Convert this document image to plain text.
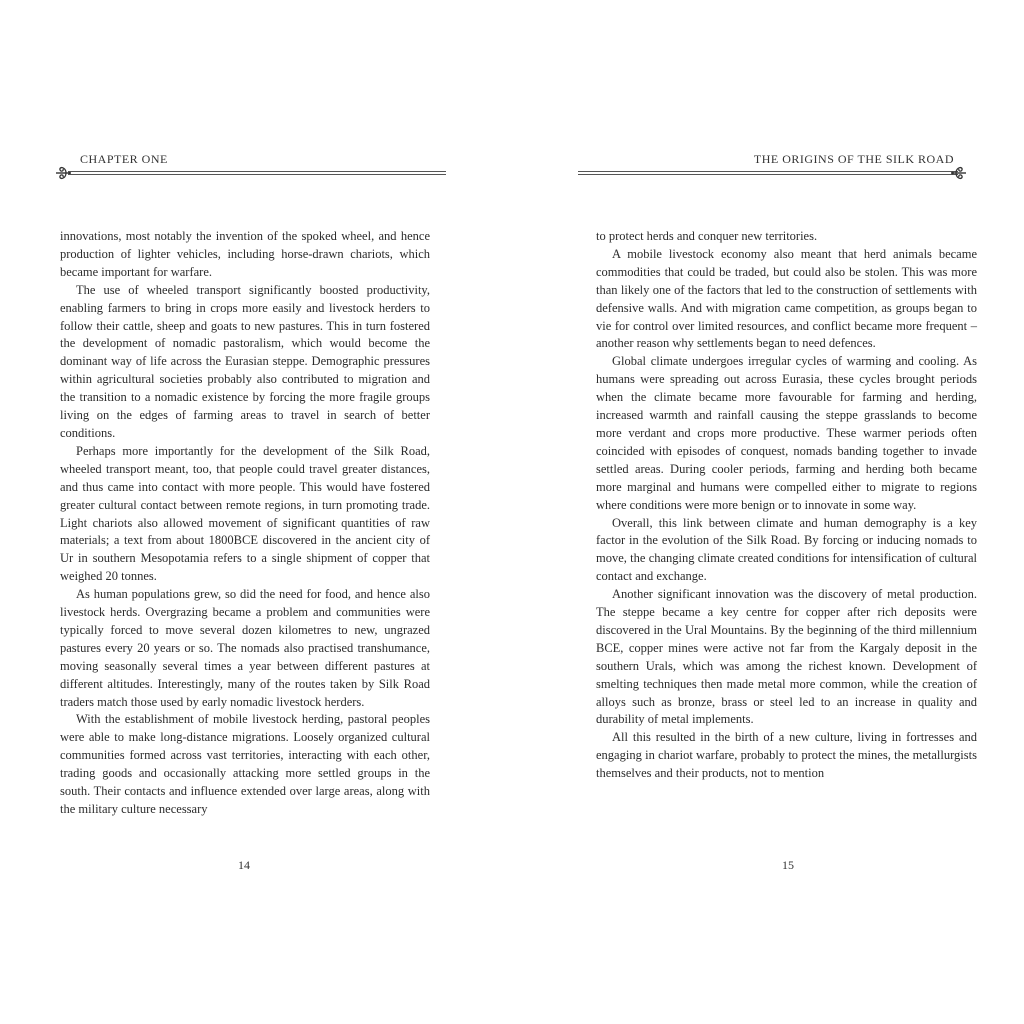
CHAPTER ONE

innovations, most notably the invention of the spoked wheel, and hence production of lighter vehicles, including horse-drawn chariots, which became important for warfare.

The use of wheeled transport significantly boosted productivity, enabling farmers to bring in crops more easily and livestock herders to follow their cattle, sheep and goats to new pastures. This in turn fostered the development of nomadic pastoralism, which would become the dominant way of life across the Eurasian steppe. Demographic pressures within agricultural societies probably also contributed to migration and the transition to a nomadic existence by forcing the more fragile groups living on the edges of farming areas to travel in search of better conditions.

Perhaps more importantly for the development of the Silk Road, wheeled transport meant, too, that people could travel greater distances, and thus came into contact with more people. This would have fostered greater cultural contact between remote regions, in turn promoting trade. Light chariots also allowed movement of significant quantities of raw materials; a text from about 1800BCE discovered in the ancient city of Ur in southern Mesopotamia refers to a single shipment of copper that weighed 20 tonnes.

As human populations grew, so did the need for food, and hence also livestock herds. Overgrazing became a problem and communities were typically forced to move several dozen kilometres to new, ungrazed pastures every 20 years or so. The nomads also practised transhumance, moving seasonally several times a year between different pastures at different altitudes. Interestingly, many of the routes taken by Silk Road traders match those used by early nomadic livestock herders.

With the establishment of mobile livestock herding, pastoral peoples were able to make long-distance migrations. Loosely organized cultural communities formed across vast territories, interacting with each other, trading goods and occasionally attacking more settled groups in the south. Their contacts and influence extended over large areas, along with the military culture necessary

14
THE ORIGINS OF THE SILK ROAD

to protect herds and conquer new territories.

A mobile livestock economy also meant that herd animals became commodities that could be traded, but could also be stolen. This was more than likely one of the factors that led to the construction of settlements with defensive walls. And with migration came competition, as groups began to vie for control over limited resources, and conflict became more frequent – another reason why settlements began to need defences.

Global climate undergoes irregular cycles of warming and cooling. As humans were spreading out across Eurasia, these cycles brought periods when the climate became more favourable for farming and herding, increased warmth and rainfall causing the steppe grasslands to become more verdant and crops more productive. These warmer periods often coincided with episodes of conquest, nomads banding together to invade settled areas. During cooler periods, farming and herding both became more marginal and humans were compelled either to migrate to regions where conditions were more benign or to innovate in some way.

Overall, this link between climate and human demography is a key factor in the evolution of the Silk Road. By forcing or inducing nomads to move, the changing climate created conditions for intensification of cultural contact and exchange.

Another significant innovation was the discovery of metal production. The steppe became a key centre for copper after rich deposits were discovered in the Ural Mountains. By the beginning of the third millennium BCE, copper mines were active not far from the Kargaly deposit in the southern Urals, which was among the richest known. Development of smelting techniques then made metal more common, while the creation of alloys such as bronze, brass or steel led to an increase in quality and durability of metal implements.

All this resulted in the birth of a new culture, living in fortresses and engaging in chariot warfare, probably to protect the mines, the metallurgists themselves and their products, not to mention

15
